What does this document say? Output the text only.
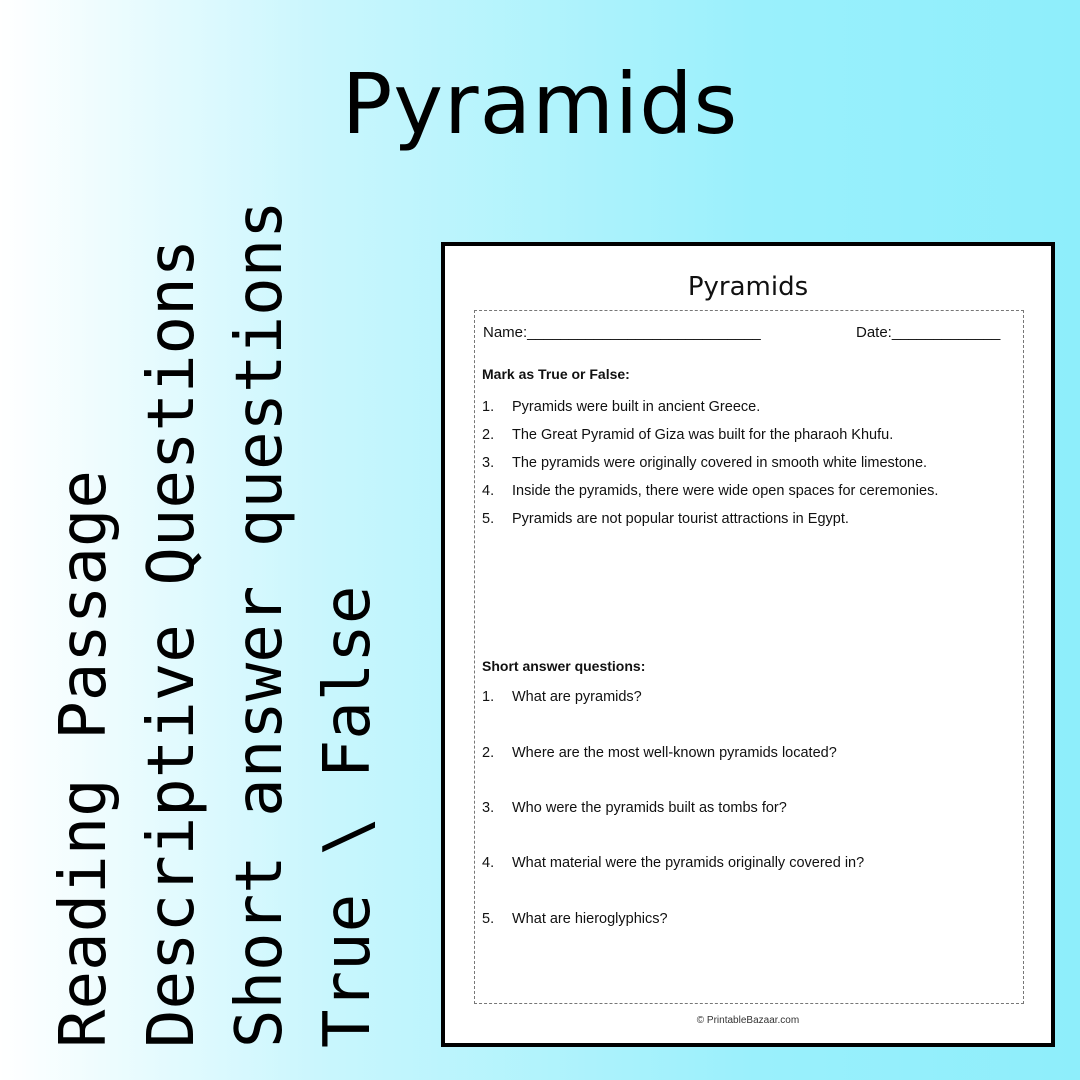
Pyramids
Reading Passage Descriptive Questions Short answer questions True \ False
Pyramids
Name:____________________________	Date:_____________
Mark as True or False:
1. Pyramids were built in ancient Greece.
2. The Great Pyramid of Giza was built for the pharaoh Khufu.
3. The pyramids were originally covered in smooth white limestone.
4. Inside the pyramids, there were wide open spaces for ceremonies.
5. Pyramids are not popular tourist attractions in Egypt.
Short answer questions:
1. What are pyramids?
2. Where are the most well-known pyramids located?
3. Who were the pyramids built as tombs for?
4. What material were the pyramids originally covered in?
5. What are hieroglyphics?
© PrintableBazaar.com
